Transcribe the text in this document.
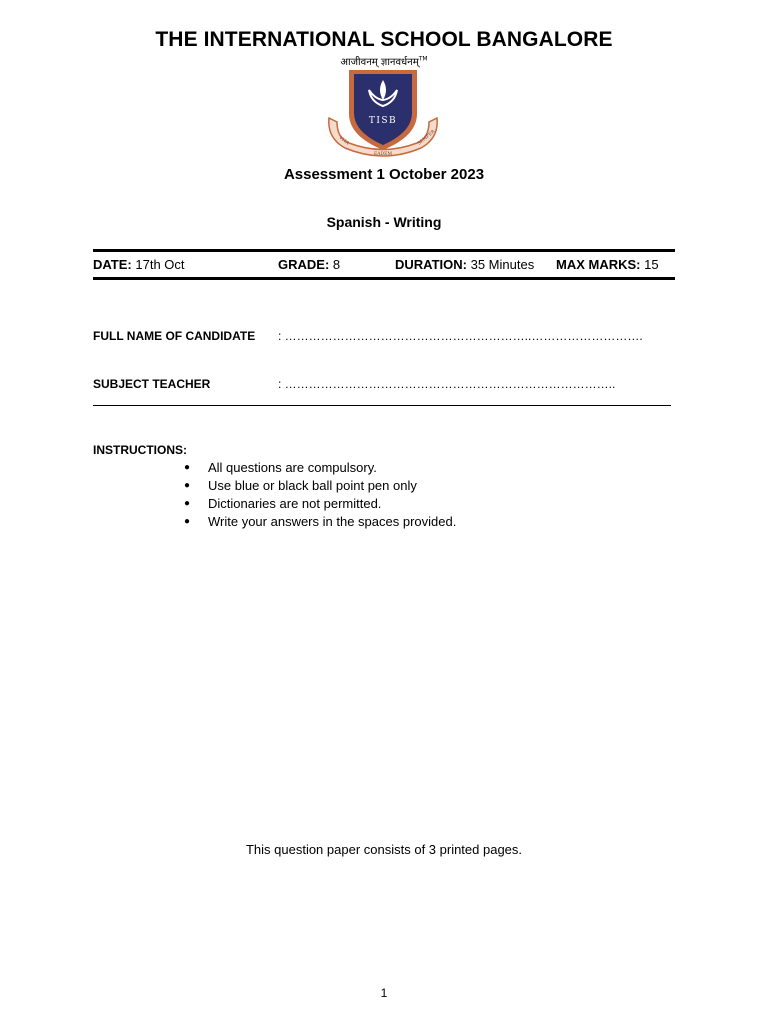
THE INTERNATIONAL SCHOOL BANGALORE
आजीवनम् ज्ञानवर्धनम्™
TISB
VITA
EADEM
SEMPER
Assessment 1 October 2023
Spanish - Writing
DATE: 17th Oct	GRADE: 8	DURATION: 35 Minutes MAX MARKS: 15
FULL NAME OF CANDIDATE : ……………………………………………………..……………………….
SUBJECT TEACHER	: ………………………………………………………………………..
INSTRUCTIONS:
● All questions are compulsory.
● Use blue or black ball point pen only
● Dictionaries are not permitted.
● Write your answers in the spaces provided.
This question paper consists of 3 printed pages.
1
